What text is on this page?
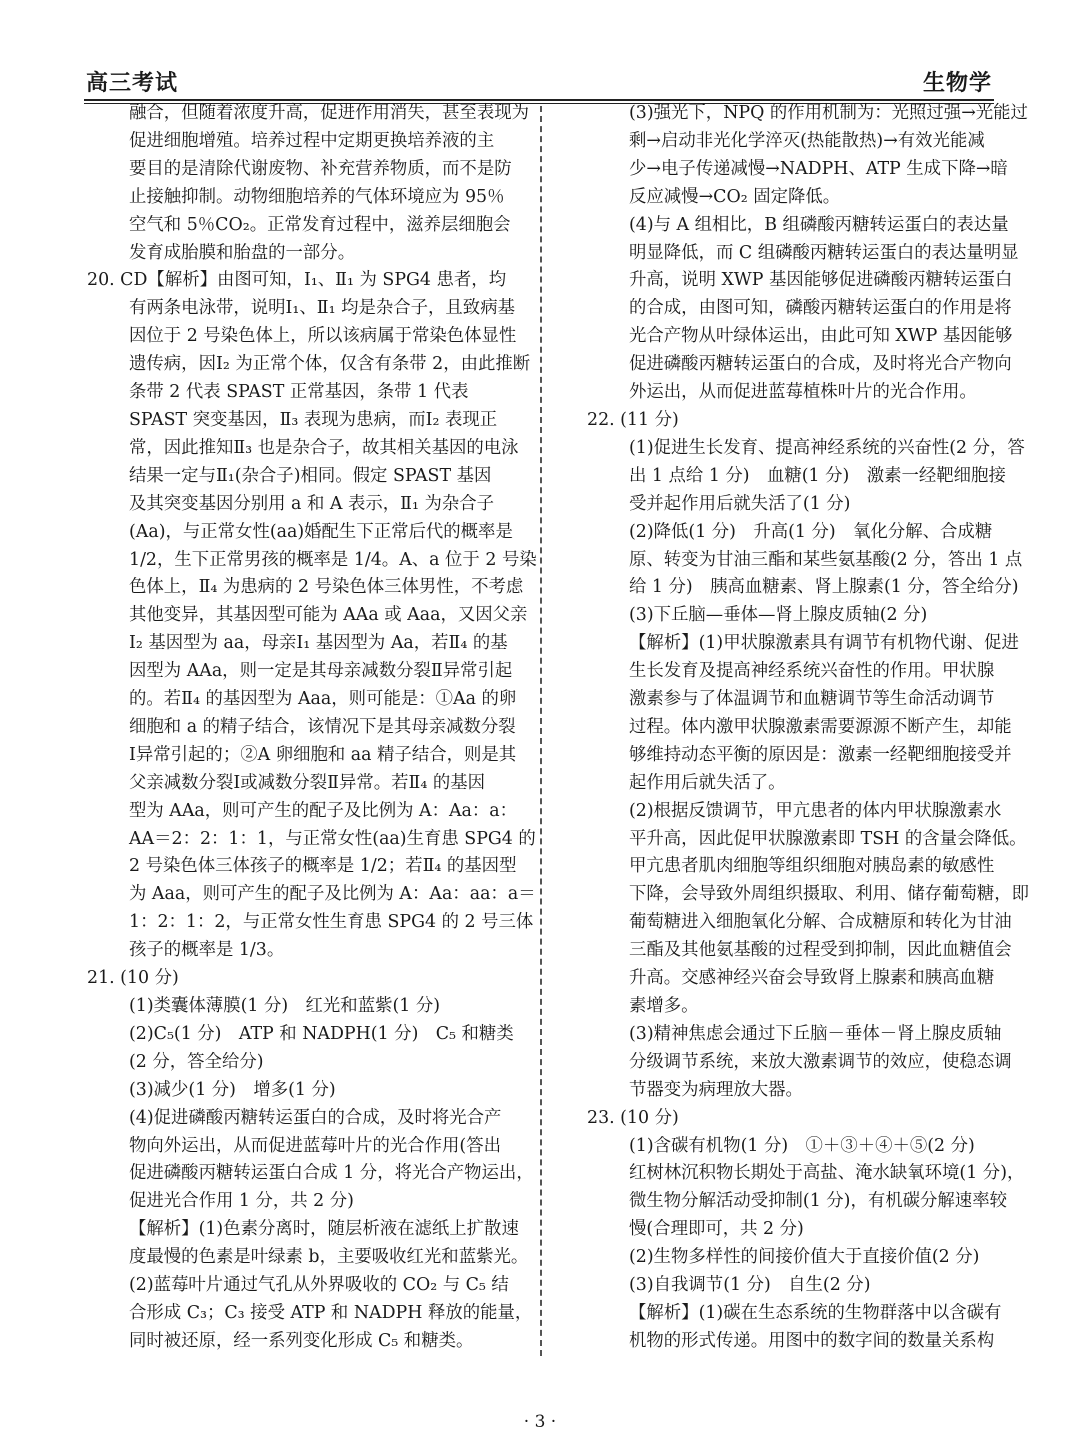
高三考试	生物学

融合，但随着浓度升高，促进作用消失，甚至表现为

促进细胞增殖。培养过程中定期更换培养液的主

要目的是清除代谢废物、补充营养物质，而不是防

止接触抑制。动物细胞培养的气体环境应为 95％

空气和 5％CO₂。正常发育过程中，滋养层细胞会

发育成胎膜和胎盘的一部分。

20. CD【解析】由图可知，Ⅰ₁、Ⅱ₁ 为 SPG4 患者，均

有两条电泳带，说明Ⅰ₁、Ⅱ₁ 均是杂合子，且致病基

因位于 2 号染色体上，所以该病属于常染色体显性

遗传病，因Ⅰ₂ 为正常个体，仅含有条带 2，由此推断

条带 2 代表 SPAST 正常基因，条带 1 代表

SPAST 突变基因，Ⅱ₃ 表现为患病，而Ⅰ₂ 表现正

常，因此推知Ⅱ₃ 也是杂合子，故其相关基因的电泳

结果一定与Ⅱ₁(杂合子)相同。假定 SPAST 基因

及其突变基因分别用 a 和 A 表示，Ⅱ₁ 为杂合子

(Aa)，与正常女性(aa)婚配生下正常后代的概率是

1/2，生下正常男孩的概率是 1/4。A、a 位于 2 号染

色体上，Ⅱ₄ 为患病的 2 号染色体三体男性，不考虑

其他变异，其基因型可能为 AAa 或 Aaa，又因父亲

Ⅰ₂ 基因型为 aa，母亲Ⅰ₁ 基因型为 Aa，若Ⅱ₄ 的基

因型为 AAa，则一定是其母亲减数分裂Ⅱ异常引起

的。若Ⅱ₄ 的基因型为 Aaa，则可能是：①Aa 的卵

细胞和 a 的精子结合，该情况下是其母亲减数分裂

Ⅰ异常引起的；②A 卵细胞和 aa 精子结合，则是其

父亲减数分裂Ⅰ或减数分裂Ⅱ异常。若Ⅱ₄ 的基因

型为 AAa，则可产生的配子及比例为 A：Aa：a：

AA＝2：2：1：1，与正常女性(aa)生育患 SPG4 的

2 号染色体三体孩子的概率是 1/2；若Ⅱ₄ 的基因型

为 Aaa，则可产生的配子及比例为 A：Aa：aa：a＝

1：2：1：2，与正常女性生育患 SPG4 的 2 号三体

孩子的概率是 1/3。

21. (10 分)

(1)类囊体薄膜(1 分)　红光和蓝紫(1 分)

(2)C₅(1 分)　ATP 和 NADPH(1 分)　C₅ 和糖类

(2 分，答全给分)

(3)减少(1 分)　增多(1 分)

(4)促进磷酸丙糖转运蛋白的合成，及时将光合产

物向外运出，从而促进蓝莓叶片的光合作用(答出

促进磷酸丙糖转运蛋白合成 1 分，将光合产物运出，

促进光合作用 1 分，共 2 分)

【解析】(1)色素分离时，随层析液在滤纸上扩散速

度最慢的色素是叶绿素 b，主要吸收红光和蓝紫光。

(2)蓝莓叶片通过气孔从外界吸收的 CO₂ 与 C₅ 结

合形成 C₃；C₃ 接受 ATP 和 NADPH 释放的能量，

同时被还原，经一系列变化形成 C₅ 和糖类。

(3)强光下，NPQ 的作用机制为：光照过强→光能过

剩→启动非光化学淬灭(热能散热)→有效光能减

少→电子传递减慢→NADPH、ATP 生成下降→暗

反应减慢→CO₂ 固定降低。

(4)与 A 组相比，B 组磷酸丙糖转运蛋白的表达量

明显降低，而 C 组磷酸丙糖转运蛋白的表达量明显

升高，说明 XWP 基因能够促进磷酸丙糖转运蛋白

的合成，由图可知，磷酸丙糖转运蛋白的作用是将

光合产物从叶绿体运出，由此可知 XWP 基因能够

促进磷酸丙糖转运蛋白的合成，及时将光合产物向

外运出，从而促进蓝莓植株叶片的光合作用。

22. (11 分)

(1)促进生长发育、提高神经系统的兴奋性(2 分，答

出 1 点给 1 分)　血糖(1 分)　激素一经靶细胞接

受并起作用后就失活了(1 分)

(2)降低(1 分)　升高(1 分)　氧化分解、合成糖

原、转变为甘油三酯和某些氨基酸(2 分，答出 1 点

给 1 分)　胰高血糖素、肾上腺素(1 分，答全给分)

(3)下丘脑—垂体—肾上腺皮质轴(2 分)

【解析】(1)甲状腺激素具有调节有机物代谢、促进

生长发育及提高神经系统兴奋性的作用。甲状腺

激素参与了体温调节和血糖调节等生命活动调节

过程。体内激甲状腺激素需要源源不断产生，却能

够维持动态平衡的原因是：激素一经靶细胞接受并

起作用后就失活了。

(2)根据反馈调节，甲亢患者的体内甲状腺激素水

平升高，因此促甲状腺激素即 TSH 的含量会降低。

甲亢患者肌肉细胞等组织细胞对胰岛素的敏感性

下降，会导致外周组织摄取、利用、储存葡萄糖，即

葡萄糖进入细胞氧化分解、合成糖原和转化为甘油

三酯及其他氨基酸的过程受到抑制，因此血糖值会

升高。交感神经兴奋会导致肾上腺素和胰高血糖

素增多。

(3)精神焦虑会通过下丘脑－垂体－肾上腺皮质轴

分级调节系统，来放大激素调节的效应，使稳态调

节器变为病理放大器。

23. (10 分)

(1)含碳有机物(1 分)　①＋③＋④＋⑤(2 分)

红树林沉积物长期处于高盐、淹水缺氧环境(1 分)，

微生物分解活动受抑制(1 分)，有机碳分解速率较

慢(合理即可，共 2 分)

(2)生物多样性的间接价值大于直接价值(2 分)

(3)自我调节(1 分)　自生(2 分)

【解析】(1)碳在生态系统的生物群落中以含碳有

机物的形式传递。用图中的数字间的数量关系构

· 3 ·
